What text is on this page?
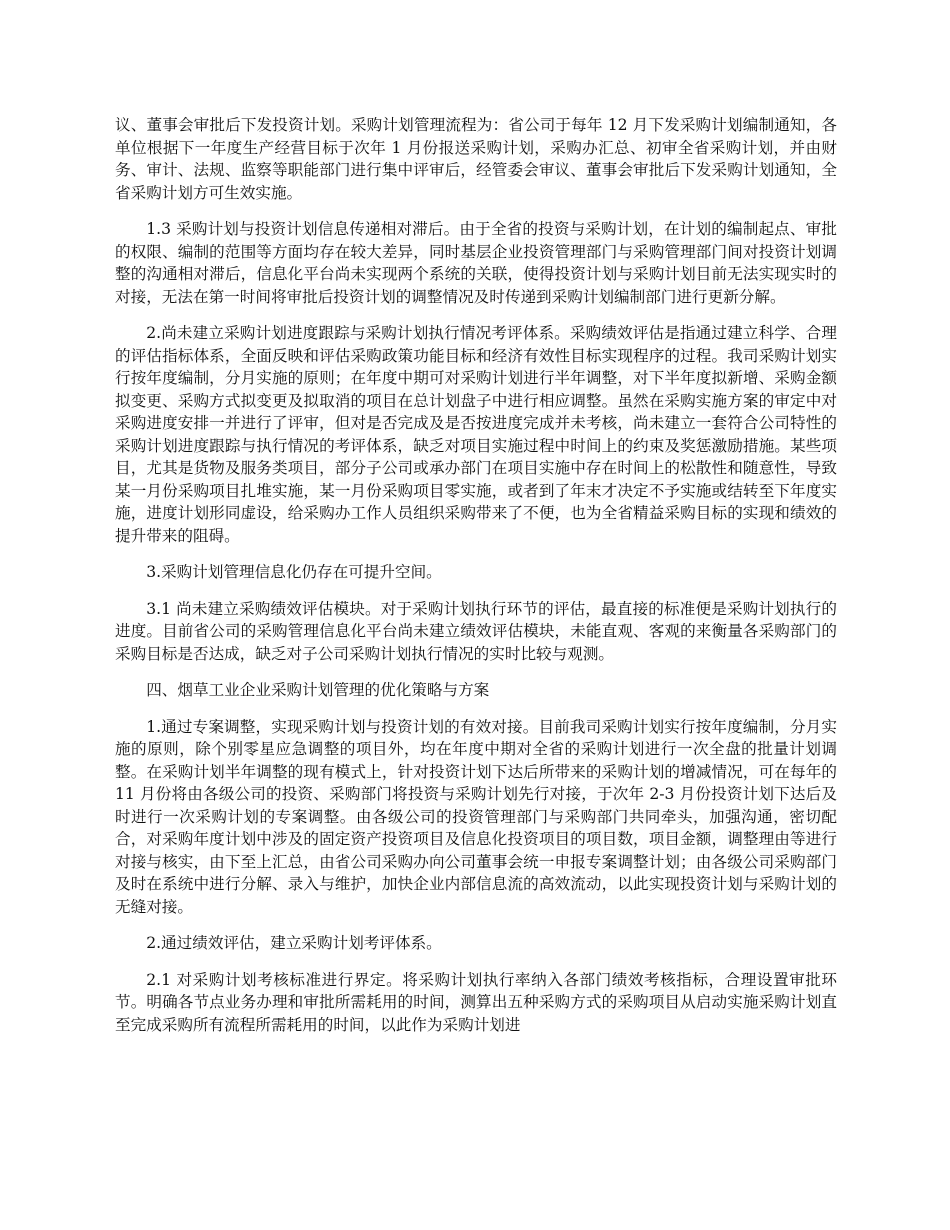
议、董事会审批后下发投资计划。采购计划管理流程为：省公司于每年 12 月下发采购计划编制通知，各单位根据下一年度生产经营目标于次年 1 月份报送采购计划，采购办汇总、初审全省采购计划，并由财务、审计、法规、监察等职能部门进行集中评审后，经管委会审议、董事会审批后下发采购计划通知，全省采购计划方可生效实施。

1.3 采购计划与投资计划信息传递相对滞后。由于全省的投资与采购计划，在计划的编制起点、审批的权限、编制的范围等方面均存在较大差异，同时基层企业投资管理部门与采购管理部门间对投资计划调整的沟通相对滞后，信息化平台尚未实现两个系统的关联，使得投资计划与采购计划目前无法实现实时的对接，无法在第一时间将审批后投资计划的调整情况及时传递到采购计划编制部门进行更新分解。

2.尚未建立采购计划进度跟踪与采购计划执行情况考评体系。采购绩效评估是指通过建立科学、合理的评估指标体系，全面反映和评估采购政策功能目标和经济有效性目标实现程序的过程。我司采购计划实行按年度编制，分月实施的原则；在年度中期可对采购计划进行半年调整，对下半年度拟新增、采购金额拟变更、采购方式拟变更及拟取消的项目在总计划盘子中进行相应调整。虽然在采购实施方案的审定中对采购进度安排一并进行了评审，但对是否完成及是否按进度完成并未考核，尚未建立一套符合公司特性的采购计划进度跟踪与执行情况的考评体系，缺乏对项目实施过程中时间上的约束及奖惩激励措施。某些项目，尤其是货物及服务类项目，部分子公司或承办部门在项目实施中存在时间上的松散性和随意性，导致某一月份采购项目扎堆实施，某一月份采购项目零实施，或者到了年末才决定不予实施或结转至下年度实施，进度计划形同虚设，给采购办工作人员组织采购带来了不便，也为全省精益采购目标的实现和绩效的提升带来的阻碍。

3.采购计划管理信息化仍存在可提升空间。

3.1 尚未建立采购绩效评估模块。对于采购计划执行环节的评估，最直接的标准便是采购计划执行的进度。目前省公司的采购管理信息化平台尚未建立绩效评估模块，未能直观、客观的来衡量各采购部门的采购目标是否达成，缺乏对子公司采购计划执行情况的实时比较与观测。

四、烟草工业企业采购计划管理的优化策略与方案

1.通过专案调整，实现采购计划与投资计划的有效对接。目前我司采购计划实行按年度编制，分月实施的原则，除个别零星应急调整的项目外，均在年度中期对全省的采购计划进行一次全盘的批量计划调整。在采购计划半年调整的现有模式上，针对投资计划下达后所带来的采购计划的增减情况，可在每年的 11 月份将由各级公司的投资、采购部门将投资与采购计划先行对接，于次年 2-3 月份投资计划下达后及时进行一次采购计划的专案调整。由各级公司的投资管理部门与采购部门共同牵头，加强沟通，密切配合，对采购年度计划中涉及的固定资产投资项目及信息化投资项目的项目数，项目金额，调整理由等进行对接与核实，由下至上汇总，由省公司采购办向公司董事会统一申报专案调整计划；由各级公司采购部门及时在系统中进行分解、录入与维护，加快企业内部信息流的高效流动，以此实现投资计划与采购计划的无缝对接。

2.通过绩效评估，建立采购计划考评体系。

2.1 对采购计划考核标准进行界定。将采购计划执行率纳入各部门绩效考核指标，合理设置审批环节。明确各节点业务办理和审批所需耗用的时间，测算出五种采购方式的采购项目从启动实施采购计划直至完成采购所有流程所需耗用的时间，以此作为采购计划进
